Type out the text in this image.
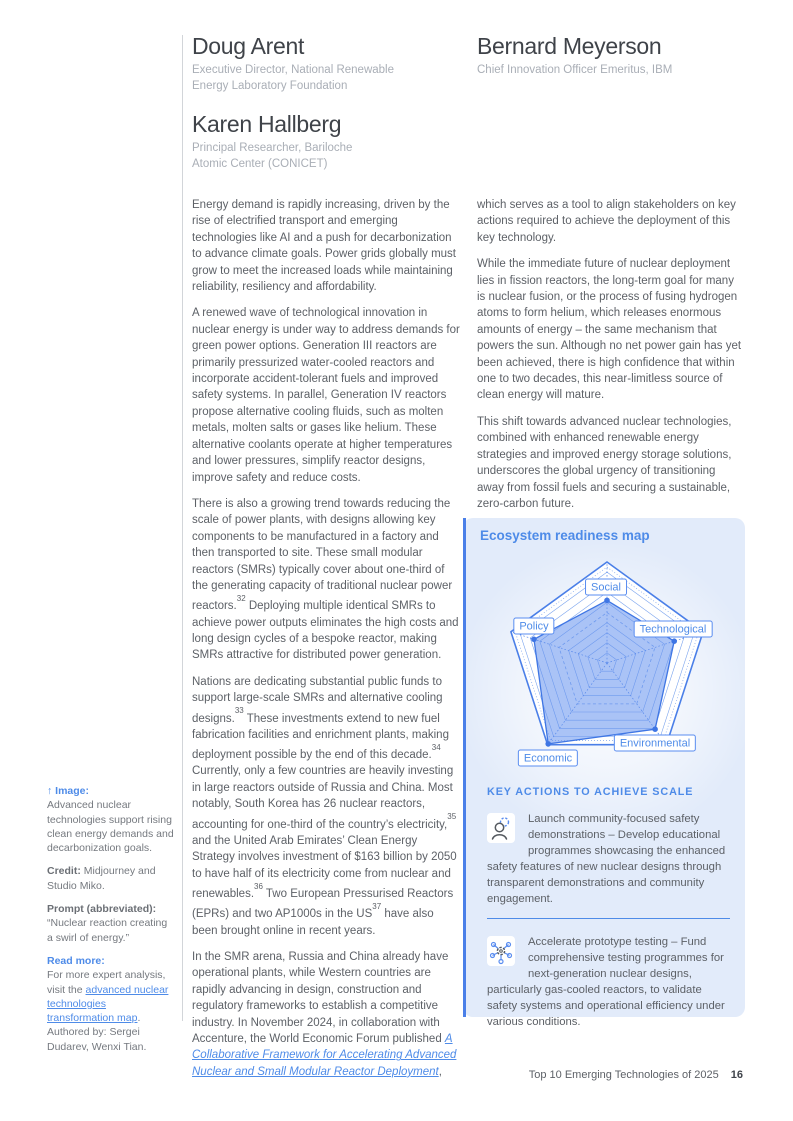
Doug Arent

Executive Director, National Renewable Energy Laboratory Foundation

Bernard Meyerson

Chief Innovation Officer Emeritus, IBM

Karen Hallberg

Principal Researcher, Bariloche Atomic Center (CONICET)

Energy demand is rapidly increasing, driven by the rise of electrified transport and emerging technologies like AI and a push for decarbonization to advance climate goals. Power grids globally must grow to meet the increased loads while maintaining reliability, resiliency and affordability.

A renewed wave of technological innovation in nuclear energy is under way to address demands for green power options. Generation III reactors are primarily pressurized water-cooled reactors and incorporate accident-tolerant fuels and improved safety systems. In parallel, Generation IV reactors propose alternative cooling fluids, such as molten metals, molten salts or gases like helium. These alternative coolants operate at higher temperatures and lower pressures, simplify reactor designs, improve safety and reduce costs.

There is also a growing trend towards reducing the scale of power plants, with designs allowing key components to be manufactured in a factory and then transported to site. These small modular reactors (SMRs) typically cover about one-third of the generating capacity of traditional nuclear power reactors.$^{32}$ Deploying multiple identical SMRs to achieve power outputs eliminates the high costs and long design cycles of a bespoke reactor, making SMRs attractive for distributed power generation.

Nations are dedicating substantial public funds to support large-scale SMRs and alternative cooling designs.$^{33}$ These investments extend to new fuel fabrication facilities and enrichment plants, making deployment possible by the end of this decade.$^{34}$ Currently, only a few countries are heavily investing in large reactors outside of Russia and China. Most notably, South Korea has 26 nuclear reactors, accounting for one-third of the country’s electricity,$^{35}$ and the United Arab Emirates’ Clean Energy Strategy involves investment of $163 billion by 2050 to have half of its electricity come from nuclear and renewables.$^{36}$ Two European Pressurised Reactors (EPRs) and two AP1000s in the US$^{37}$ have also been brought online in recent years.

In the SMR arena, Russia and China already have operational plants, while Western countries are rapidly advancing in design, construction and regulatory frameworks to establish a competitive industry. In November 2024, in collaboration with Accenture, the World Economic Forum published A Collaborative Framework for Accelerating Advanced Nuclear and Small Modular Reactor Deployment,

which serves as a tool to align stakeholders on key actions required to achieve the deployment of this key technology.

While the immediate future of nuclear deployment lies in fission reactors, the long-term goal for many is nuclear fusion, or the process of fusing hydrogen atoms to form helium, which releases enormous amounts of energy – the same mechanism that powers the sun. Although no net power gain has yet been achieved, there is high confidence that within one to two decades, this near-limitless source of clean energy will mature.

This shift towards advanced nuclear technologies, combined with enhanced renewable energy strategies and improved energy storage solutions, underscores the global urgency of transitioning away from fossil fuels and securing a sustainable, zero-carbon future.

↑ Image:

Advanced nuclear technologies support rising clean energy demands and decarbonization goals.

Credit: Midjourney and Studio Miko.

Prompt (abbreviated):

“Nuclear reaction creating a swirl of energy.”

Read more:

For more expert analysis, visit the advanced nuclear technologies transformation map. Authored by: Sergei Dudarev, Wenxi Tian.

Ecosystem readiness map
Social
Technological
Environmental
Economic
Policy
KEY ACTIONS TO ACHIEVE SCALE

Launch community-focused safety demonstrations – Develop educational programmes showcasing the enhanced safety features of new nuclear designs through transparent demonstrations and community engagement.

Accelerate prototype testing – Fund comprehensive testing programmes for next-generation nuclear designs, particularly gas-cooled reactors, to validate safety systems and operational efficiency under various conditions.

Top 10 Emerging Technologies of 2025 16
